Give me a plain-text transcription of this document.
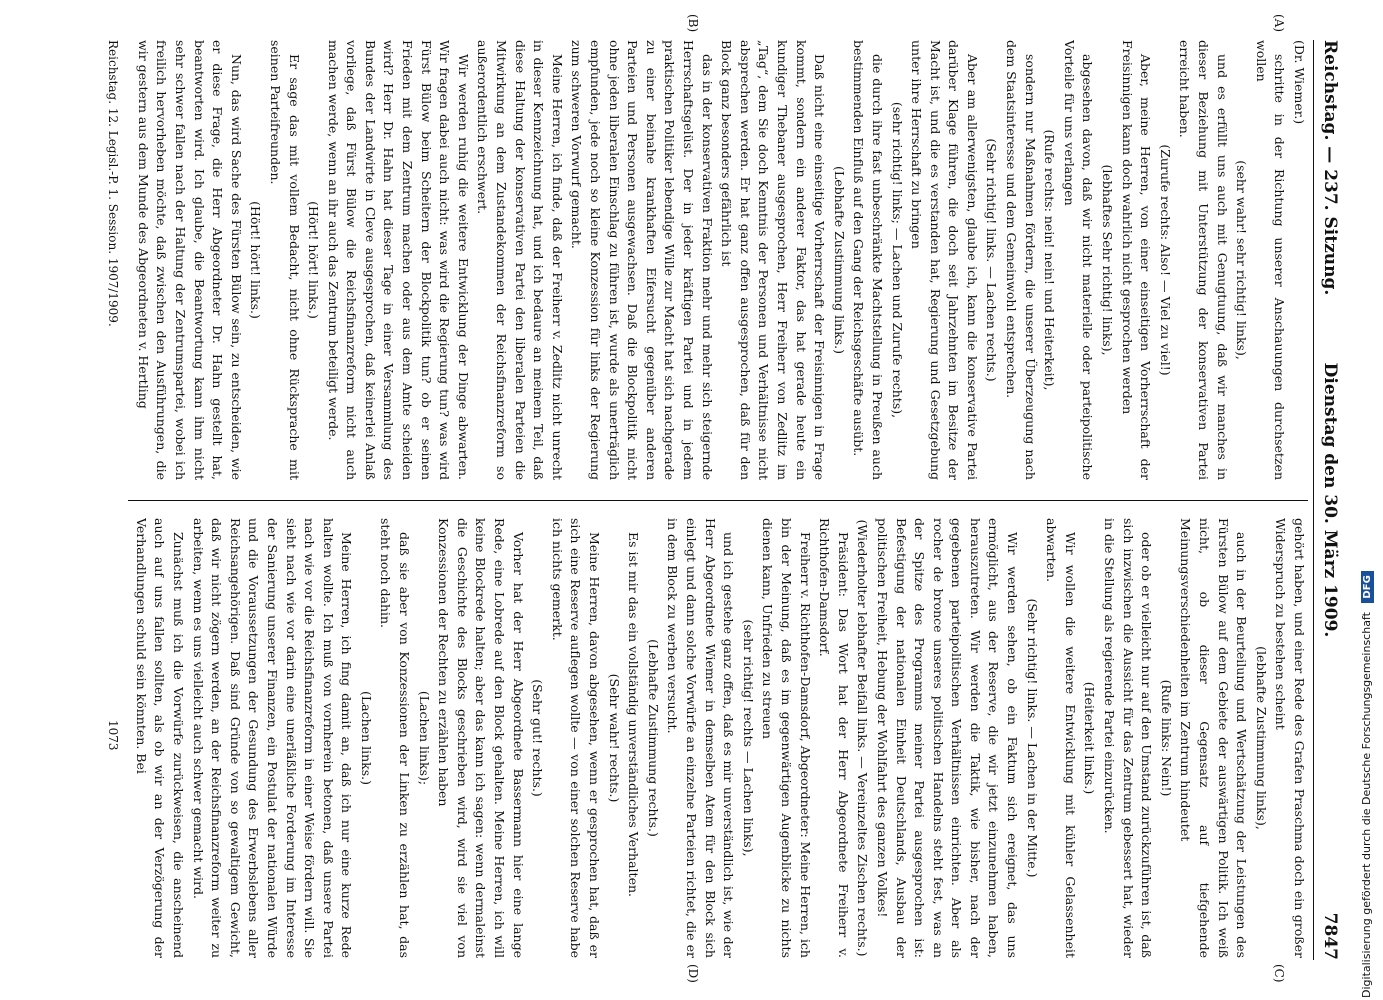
Reichstag. — 237. Sitzung.
Dienstag den 30. März 1909.
7847
(A)
(B)
(C)
(D)

(Dr. Wiemer.)

schritte in der Richtung unserer Anschauungen durchsetzen wollen

(sehr wahr! sehr richtig! links),

und es erfüllt uns auch mit Genugtuung, daß wir manches in dieser Beziehung mit Unterstützung der konservativen Partei erreicht haben.

(Zurufe rechts: Also! — Viel zu viel!)

Aber, meine Herren, von einer einseitigen Vorherrschaft der Freisinnigen kann doch wahrlich nicht gesprochen werden

(lebhaftes Sehr richtig! links),

abgesehen davon, daß wir nicht materielle oder parteipolitische Vorteile für uns verlangen

(Rufe rechts: nein! nein! und Heiterkeit),

sondern nur Maßnahmen fördern, die unserer Überzeugung nach dem Staatsinteresse und dem Gemeinwohl entsprechen.

(Sehr richtig! links. — Lachen rechts.)

Aber am allerwenigsten, glaube ich, kann die konservative Partei darüber Klage führen, die doch seit Jahrzehnten im Besitze der Macht ist, und die es verstanden hat, Regierung und Gesetzgebung unter ihre Herrschaft zu bringen

(sehr richtig! links; — Lachen und Zurufe rechts),

die durch ihre fast unbeschränkte Machtstellung in Preußen auch bestimmenden Einfluß auf den Gang der Reichsgeschäfte ausübt.

(Lebhafte Zustimmung links.)

Daß nicht eine einseitige Vorherrschaft der Freisinnigen in Frage kommt, sondern ein anderer Faktor, das hat gerade heute ein kundiger Thebaner ausgesprochen, Herr Freiherr von Zedlitz im „Tag“, dem Sie doch Kenntnis der Personen und Verhältnisse nicht absprechen werden. Er hat ganz offen ausgesprochen, daß für den Block ganz besonders gefährlich ist

das in der konservativen Fraktion mehr und mehr sich steigernde Herrschaftsgelüst. Der in jeder kräftigen Partei und in jedem praktischen Politiker lebendige Wille zur Macht hat sich nachgerade zu einer beinahe krankhaften Eifersucht gegenüber anderen Parteien und Personen ausgewachsen. Daß die Blockpolitik nicht ohne jeden liberalen Einschlag zu führen ist, wurde als unerträglich empfunden, jede noch so kleine Konzession für links der Regierung zum schweren Vorwurf gemacht.

Meine Herren, ich finde, daß der Freiherr v. Zedlitz nicht unrecht in dieser Kennzeichnung hat, und ich bedaure an meinem Teil, daß diese Haltung der konservativen Partei den liberalen Parteien die Mitwirkung an dem Zustandekommen der Reichsfinanzreform so außerordentlich erschwert.

Wir werden ruhig die weitere Entwicklung der Dinge abwarten. Wir fragen dabei auch nicht: was wird die Regierung tun? was wird Fürst Bülow beim Scheitern der Blockpolitik tun? ob er seinen Frieden mit dem Zentrum machen oder aus dem Amte scheiden wird? Herr Dr. Hahn hat dieser Tage in einer Versammlung des Bundes der Landwirte in Cleve ausgesprochen, daß keinerlei Anlaß vorliege, daß Fürst Bülow die Reichsfinanzreform nicht auch machen werde, wenn an ihr auch das Zentrum beteiligt werde.

(Hört! hört! links.)

Er sage das mit vollem Bedacht, nicht ohne Rücksprache mit seinen Parteifreunden.

(Hört! hört! links.)

Nun, das wird Sache des Fürsten Bülow sein, zu entscheiden, wie er diese Frage, die Herr Abgeordneter Dr. Hahn gestellt hat, beantworten wird. Ich glaube, die Beantwortung kann ihm nicht sehr schwer fallen nach der Haltung der Zentrumspartei, wobei ich freilich hervorheben möchte, daß zwischen den Ausführungen, die wir gestern aus dem Munde des Abgeordneten v. Hertling

gehört haben, und einer Rede des Grafen Praschma doch ein großer Widerspruch zu bestehen scheint

(lebhafte Zustimmung links),

auch in der Beurteilung und Wertschätzung der Leistungen des Fürsten Bülow auf dem Gebiete der auswärtigen Politik. Ich weiß nicht, ob dieser Gegensatz auf tiefgehende Meinungsverschiedenheiten im Zentrum hindeutet

(Rufe links: Nein!)

oder ob er vielleicht nur auf den Umstand zurückzuführen ist, daß sich inzwischen die Aussicht für das Zentrum gebessert hat, wieder in die Stellung als regierende Partei einzurücken.

(Heiterkeit links.)

Wir wollen die weitere Entwicklung mit kühler Gelassenheit abwarten.

(Sehr richtig! links. — Lachen in der Mitte.)

Wir werden sehen, ob ein Faktum sich ereignet, das uns ermöglicht, aus der Reserve, die wir jetzt einzunehmen haben, herauszutreten. Wir werden die Taktik, wie bisher, nach der gegebenen parteipolitischen Verhältnissen einrichten. Aber als rocher de bronce unseres politischen Handelns steht fest, was an der Spitze des Programms meiner Partei ausgesprochen ist: Befestigung der nationalen Einheit Deutschlands, Ausbau der politischen Freiheit, Hebung der Wohlfahrt des ganzen Volkes!

(Wiederholter lebhafter Beifall links. — Vereinzeltes Zischen rechts.)

Präsident: Das Wort hat der Herr Abgeordnete Freiherr v. Richthofen-Damsdorf.

Freiherr v. Richthofen-Damsdorf, Abgeordneter: Meine Herren, ich bin der Meinung, daß es im gegenwärtigen Augenblicke zu nichts dienen kann, Unfrieden zu streuen

(sehr richtig! rechts — Lachen links),

und ich gestehe ganz offen, daß es mir unverständlich ist, wie der Herr Abgeordnete Wiemer in demselben Atem für den Block sich einlegt und dann solche Vorwürfe an einzelne Parteien richtet, die er in dem Block zu werben versucht.

(Lebhafte Zustimmung rechts.)

Es ist mir das ein vollständig unverständliches Verhalten.

(Sehr wahr! rechts.)

Meine Herren, davon abgesehen, wenn er gesprochen hat, daß er sich eine Reserve auflegen wollte — von einer solchen Reserve habe ich nichts gemerkt.

(Sehr gut! rechts.)

Vorher hat der Herr Abgeordnete Bassermann hier eine lange Rede, eine Lobrede auf den Block gehalten. Meine Herren, ich will keine Blockrede halten; aber das kann ich sagen: wenn dermaleinst die Geschichte des Blocks geschrieben wird, wird sie viel von Konzessionen der Rechten zu erzählen haben

(Lachen links);

daß sie aber von Konzessionen der Linken zu erzählen hat, das steht noch dahin.

(Lachen links.)

Meine Herren, ich fing damit an, daß ich nur eine kurze Rede halten wollte. Ich muß von vornherein betonen, daß unsere Partei nach wie vor die Reichsfinanzreform in einer Weise fördern will. Sie sieht nach wie vor darin eine unerläßliche Forderung im Interesse der Sanierung unserer Finanzen, ein Postulat der nationalen Würde und die Voraussetzungen der Gesundung des Erwerbslebens aller Reichsangehörigen. Daß sind Gründe von so gewaltigem Gewicht, daß wir nicht zögern werden, an der Reichsfinanzreform weiter zu arbeiten, wenn es uns vielleicht auch schwer gemacht wird.

Zunächst muß ich die Vorwürfe zurückweisen, die anscheinend auch auf uns fallen sollten, als ob wir an der Verzögerung der Verhandlungen schuld sein könnten. Bei

Reichstag. 12. Legisl.-P. 1. Session. 1907/1909.
1073	Digitalisierung gefördert durch die Deutsche Forschungsgemeinschaft DFG
